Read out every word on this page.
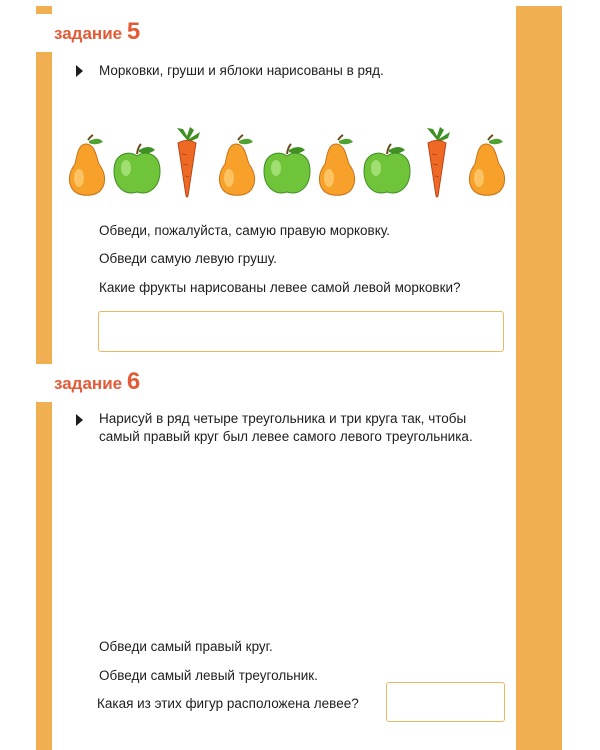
задание 5
Морковки, груши и яблоки нарисованы в ряд.
Обведи, пожалуйста, самую правую морковку.
Обведи самую левую грушу.
Какие фрукты нарисованы левее самой левой морковки?
задание 6
Нарисуй в ряд четыре треугольника и три круга так, чтобы
самый правый круг был левее самого левого треугольника.
Обведи самый правый круг.
Обведи самый левый треугольник.
Какая из этих фигур расположена левее?
